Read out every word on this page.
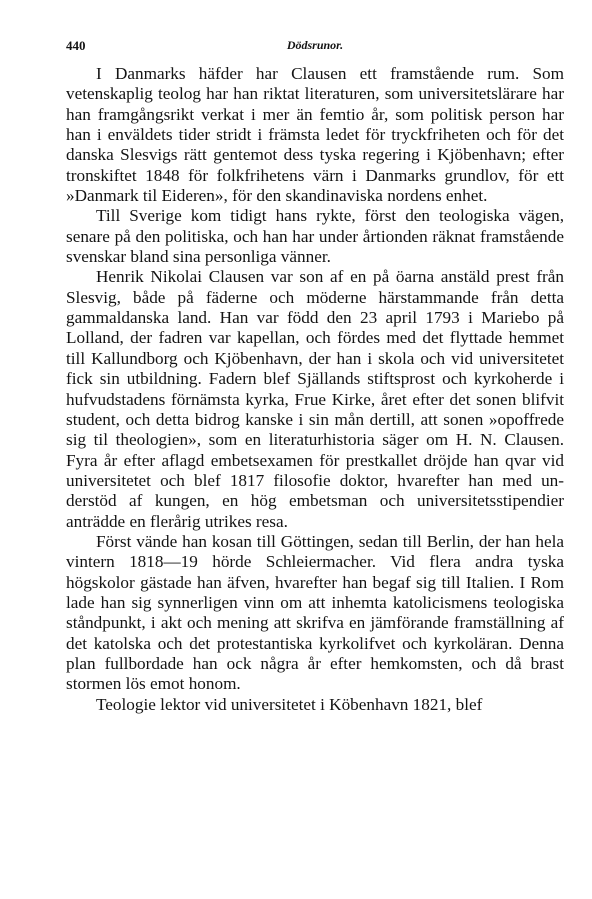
440	Dödsrunor.

I Danmarks häfder har Clausen ett framstående rum. Som vetenskaplig teolog har han riktat literaturen, som universitetslärare har han framgångsrikt verkat i mer än femtio år, som politisk person har han i enväldets tider stridt i främsta ledet för tryckfriheten och för det danska Slesvigs rätt gentemot dess tyska regering i Kjöbenhavn; efter tronskiftet 1848 för folkfrihetens värn i Danmarks grundlov, för ett »Danmark til Eideren», för den skandinaviska nordens enhet.

Till Sverige kom tidigt hans rykte, först den teologiska vägen, senare på den politiska, och han har under årtionden räknat framstående svenskar bland sina personliga vänner.

Henrik Nikolai Clausen var son af en på öarna anstäld prest från Slesvig, både på fäderne och möderne härstammande från detta gammaldanska land. Han var född den 23 april 1793 i Mariebo på Lolland, der fadren var kapellan, och fördes med det flyttade hemmet till Kallundborg och Kjöbenhavn, der han i skola och vid universitetet fick sin utbildning. Fadern blef Själlands stiftsprost och kyrkoherde i hufvudstadens förnämsta kyrka, Frue Kirke, året efter det sonen blifvit student, och detta bidrog kanske i sin mån dertill, att sonen »opoffrede sig til theologien», som en literaturhistoria säger om H. N. Clausen. Fyra år efter aflagd embetsexamen för prestkallet dröjde han qvar vid universitetet och blef 1817 filosofie doktor, hvarefter han med understöd af kungen, en hög embetsman och universitetsstipendier anträdde en flerårig utrikes resa.

Först vände han kosan till Göttingen, sedan till Berlin, der han hela vintern 1818—19 hörde Schleiermacher. Vid flera andra tyska högskolor gästade han äfven, hvarefter han begaf sig till Italien. I Rom lade han sig synnerligen vinn om att inhemta katolicismens teologiska ståndpunkt, i akt och mening att skrifva en jämförande framställning af det katolska och det protestantiska kyrkolifvet och kyrkoläran. Denna plan fullbordade han ock några år efter hemkomsten, och då brast stormen lös emot honom.

Teologie lektor vid universitetet i Köbenhavn 1821, blef
